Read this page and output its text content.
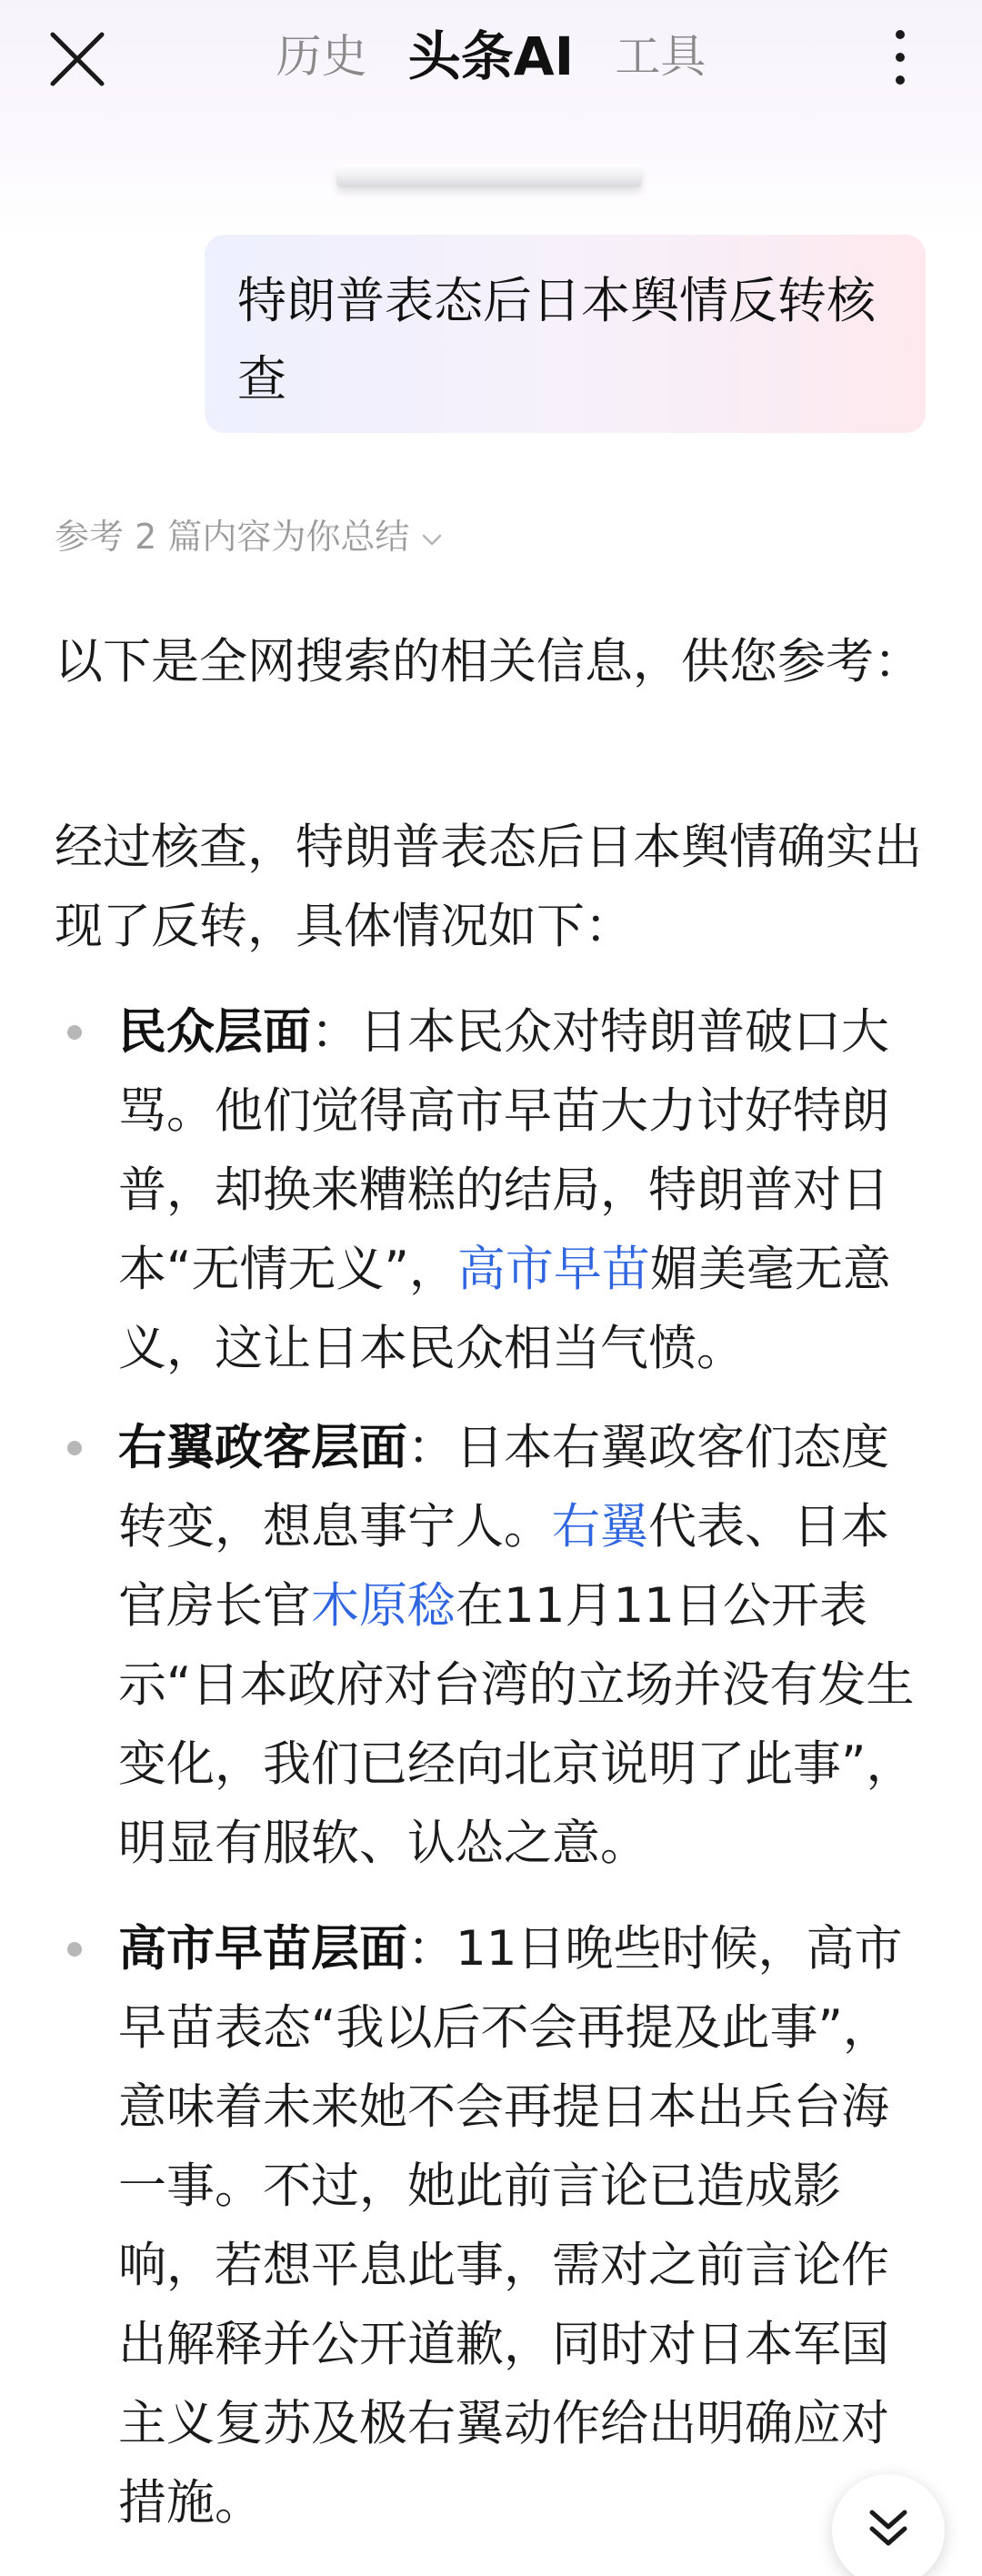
历史 头条AI 工具
特朗普表态后日本舆情反转核查
参考 2 篇内容为你总结
以下是全网搜索的相关信息，供您参考：
经过核查，特朗普表态后日本舆情确实出现了反转，具体情况如下：
民众层面：日本民众对特朗普破口大骂。他们觉得高市早苗大力讨好特朗普，却换来糟糕的结局，特朗普对日本“无情无义”，高市早苗媚美毫无意义，这让日本民众相当气愤。
右翼政客层面：日本右翼政客们态度转变，想息事宁人。右翼代表、日本官房长官木原稔在11月11日公开表示“日本政府对台湾的立场并没有发生变化，我们已经向北京说明了此事”，明显有服软、认怂之意。
高市早苗层面：11日晚些时候，高市早苗表态“我以后不会再提及此事”，意味着未来她不会再提日本出兵台海一事。不过，她此前言论已造成影响，若想平息此事，需对之前言论作出解释并公开道歉，同时对日本军国主义复苏及极右翼动作给出明确应对措施。
